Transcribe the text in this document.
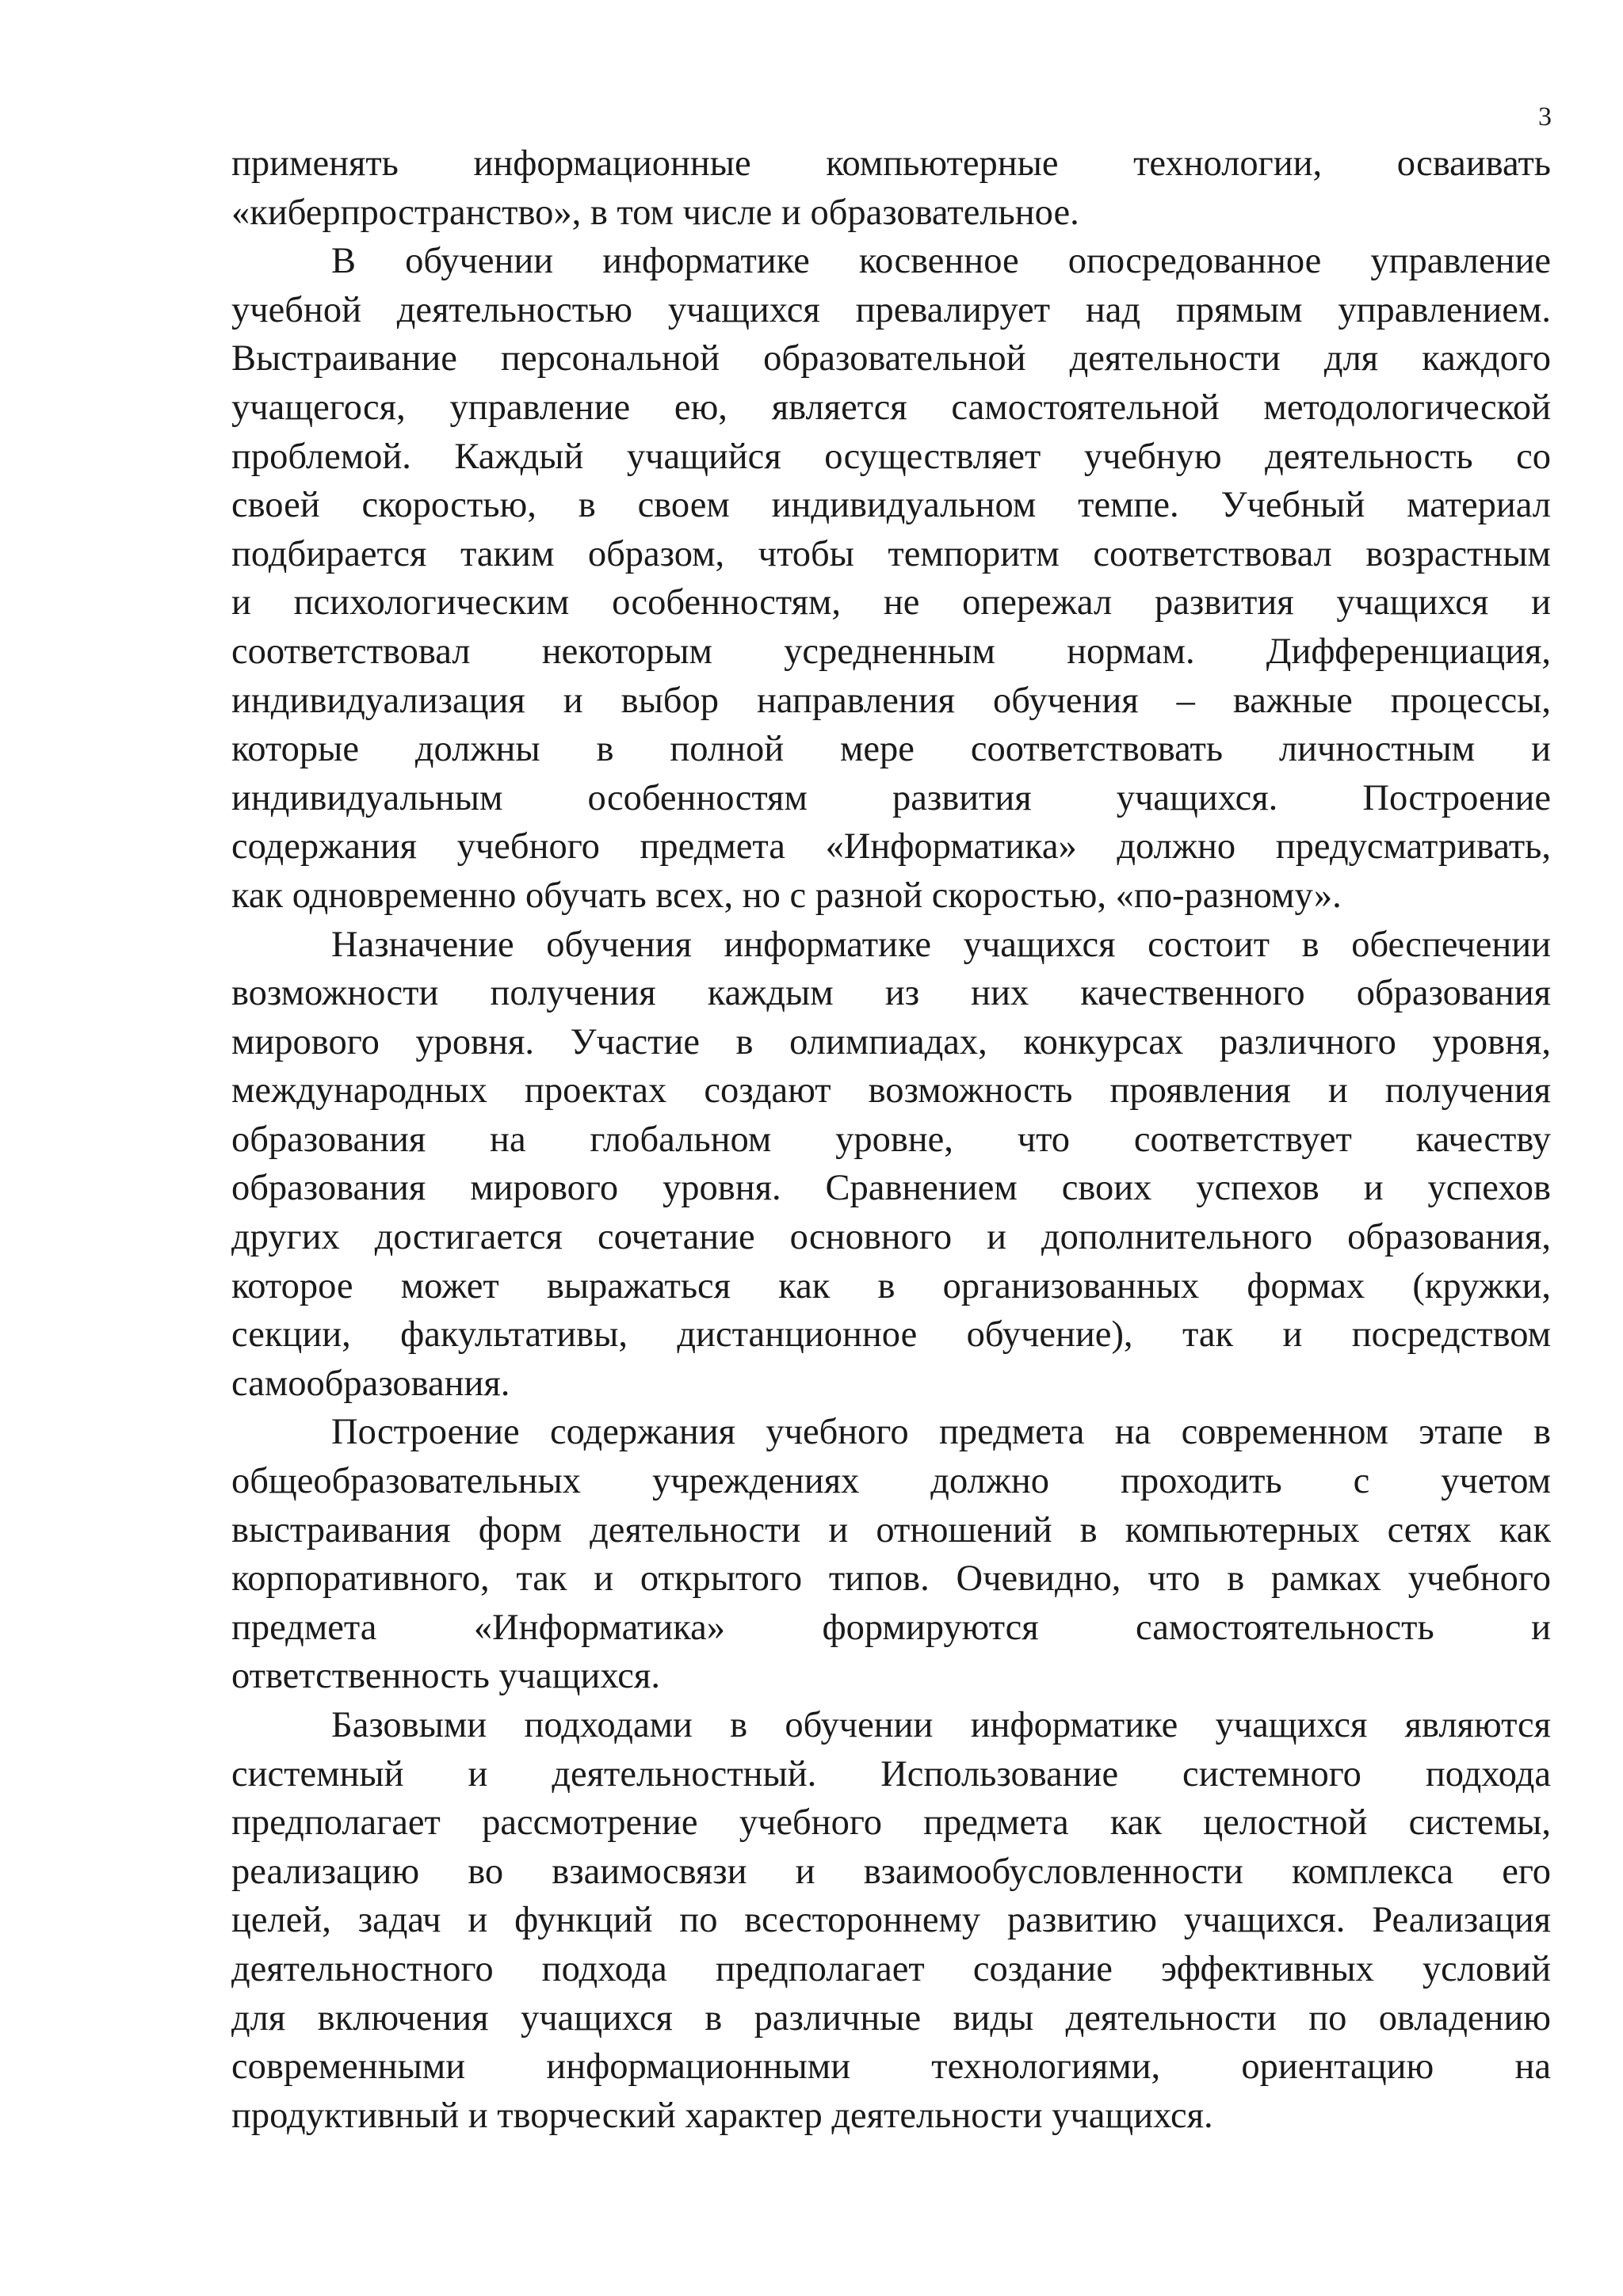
3
применять информационные компьютерные технологии, осваивать
«киберпространство», в том числе и образовательное.
В обучении информатике косвенное опосредованное управление
учебной деятельностью учащихся превалирует над прямым управлением.
Выстраивание персональной образовательной деятельности для каждого
учащегося, управление ею, является самостоятельной методологической
проблемой. Каждый учащийся осуществляет учебную деятельность со
своей скоростью, в своем индивидуальном темпе. Учебный материал
подбирается таким образом, чтобы темпоритм соответствовал возрастным
и психологическим особенностям, не опережал развития учащихся и
соответствовал некоторым усредненным нормам. Дифференциация,
индивидуализация и выбор направления обучения – важные процессы,
которые должны в полной мере соответствовать личностным и
индивидуальным особенностям развития учащихся. Построение
содержания учебного предмета «Информатика» должно предусматривать,
как одновременно обучать всех, но с разной скоростью, «по-разному».
Назначение обучения информатике учащихся состоит в обеспечении
возможности получения каждым из них качественного образования
мирового уровня. Участие в олимпиадах, конкурсах различного уровня,
международных проектах создают возможность проявления и получения
образования на глобальном уровне, что соответствует качеству
образования мирового уровня. Сравнением своих успехов и успехов
других достигается сочетание основного и дополнительного образования,
которое может выражаться как в организованных формах (кружки,
секции, факультативы, дистанционное обучение), так и посредством
самообразования.
Построение содержания учебного предмета на современном этапе в
общеобразовательных учреждениях должно проходить с учетом
выстраивания форм деятельности и отношений в компьютерных сетях как
корпоративного, так и открытого типов. Очевидно, что в рамках учебного
предмета «Информатика» формируются самостоятельность и
ответственность учащихся.
Базовыми подходами в обучении информатике учащихся являются
системный и деятельностный. Использование системного подхода
предполагает рассмотрение учебного предмета как целостной системы,
реализацию во взаимосвязи и взаимообусловленности комплекса его
целей, задач и функций по всестороннему развитию учащихся. Реализация
деятельностного подхода предполагает создание эффективных условий
для включения учащихся в различные виды деятельности по овладению
современными информационными технологиями, ориентацию на
продуктивный и творческий характер деятельности учащихся.
